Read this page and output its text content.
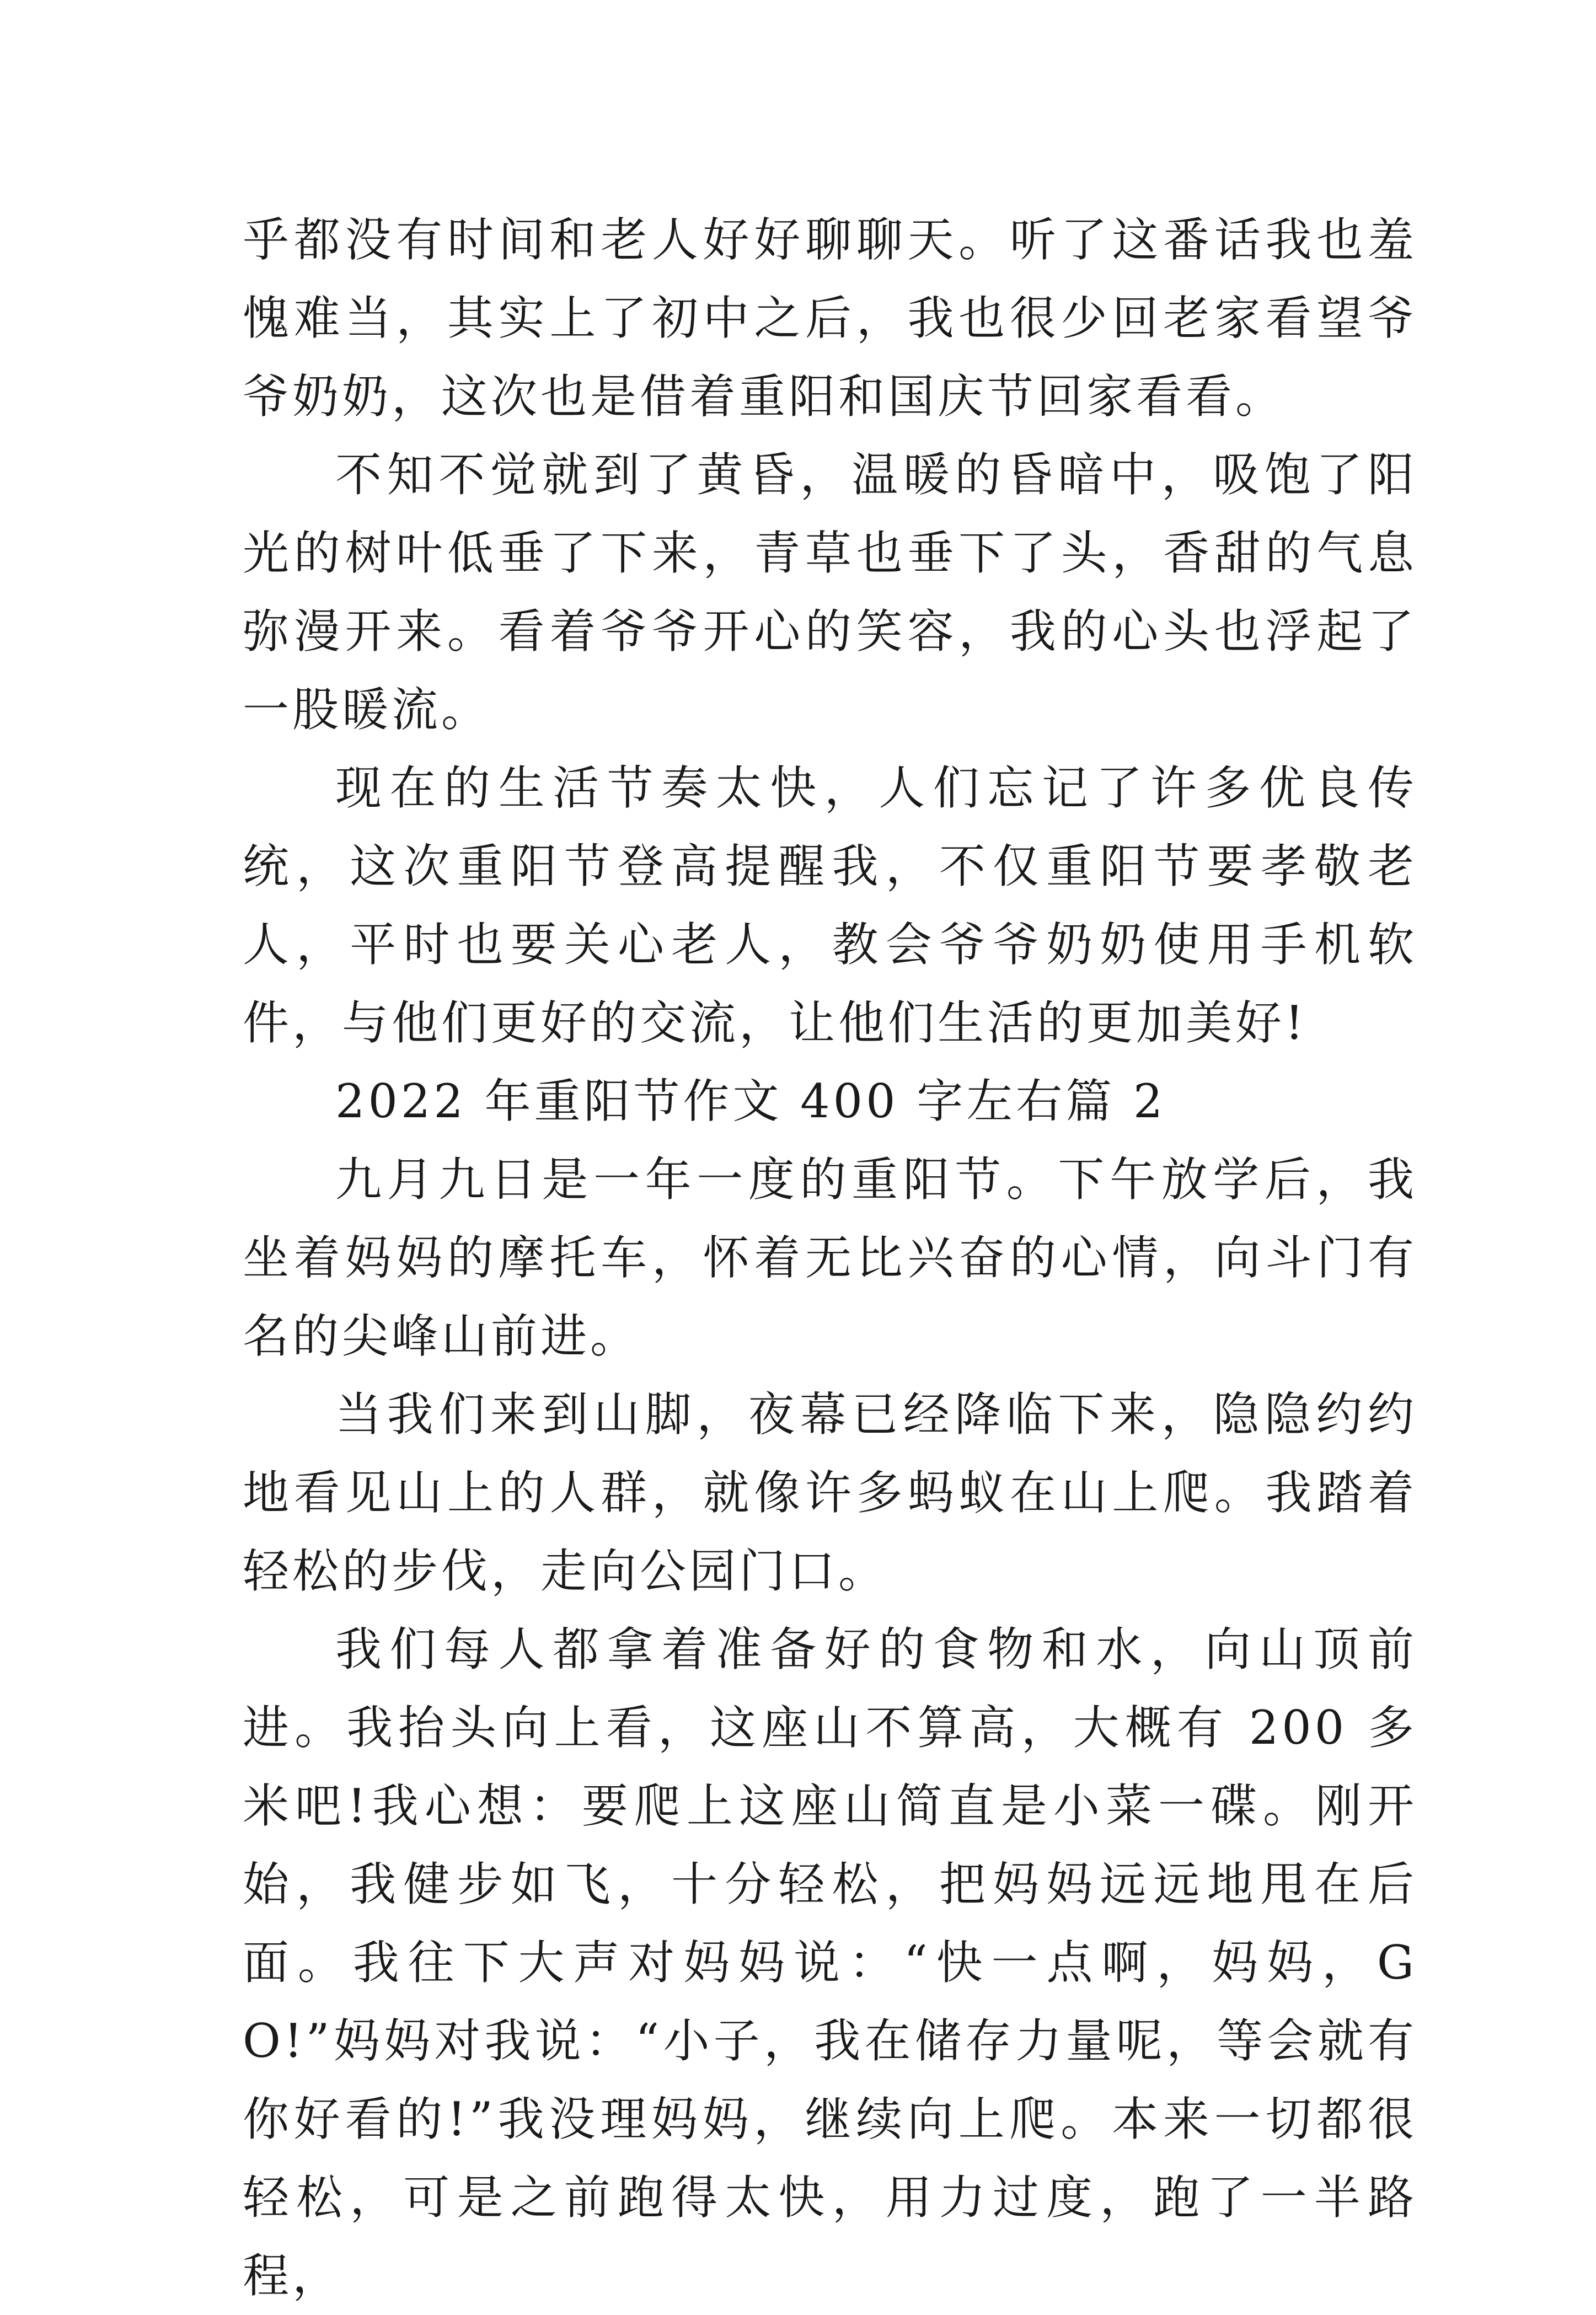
乎都没有时间和老人好好聊聊天。听了这番话我也羞愧难当，其实上了初中之后，我也很少回老家看望爷爷奶奶，这次也是借着重阳和国庆节回家看看。

不知不觉就到了黄昏，温暖的昏暗中，吸饱了阳光的树叶低垂了下来，青草也垂下了头，香甜的气息弥漫开来。看着爷爷开心的笑容，我的心头也浮起了一股暖流。

现在的生活节奏太快，人们忘记了许多优良传统，这次重阳节登高提醒我，不仅重阳节要孝敬老人，平时也要关心老人，教会爷爷奶奶使用手机软件，与他们更好的交流，让他们生活的更加美好!

2022 年重阳节作文 400 字左右篇 2

九月九日是一年一度的重阳节。下午放学后，我坐着妈妈的摩托车，怀着无比兴奋的心情，向斗门有名的尖峰山前进。

当我们来到山脚，夜幕已经降临下来，隐隐约约地看见山上的人群，就像许多蚂蚁在山上爬。我踏着轻松的步伐，走向公园门口。

我们每人都拿着准备好的食物和水，向山顶前进。我抬头向上看，这座山不算高，大概有 200 多米吧!我心想：要爬上这座山简直是小菜一碟。刚开始，我健步如飞，十分轻松，把妈妈远远地甩在后面。我往下大声对妈妈说：“快一点啊，妈妈，GO!”妈妈对我说：“小子，我在储存力量呢，等会就有你好看的!”我没理妈妈，继续向上爬。本来一切都很轻松，可是之前跑得太快，用力过度，跑了一半路程，
